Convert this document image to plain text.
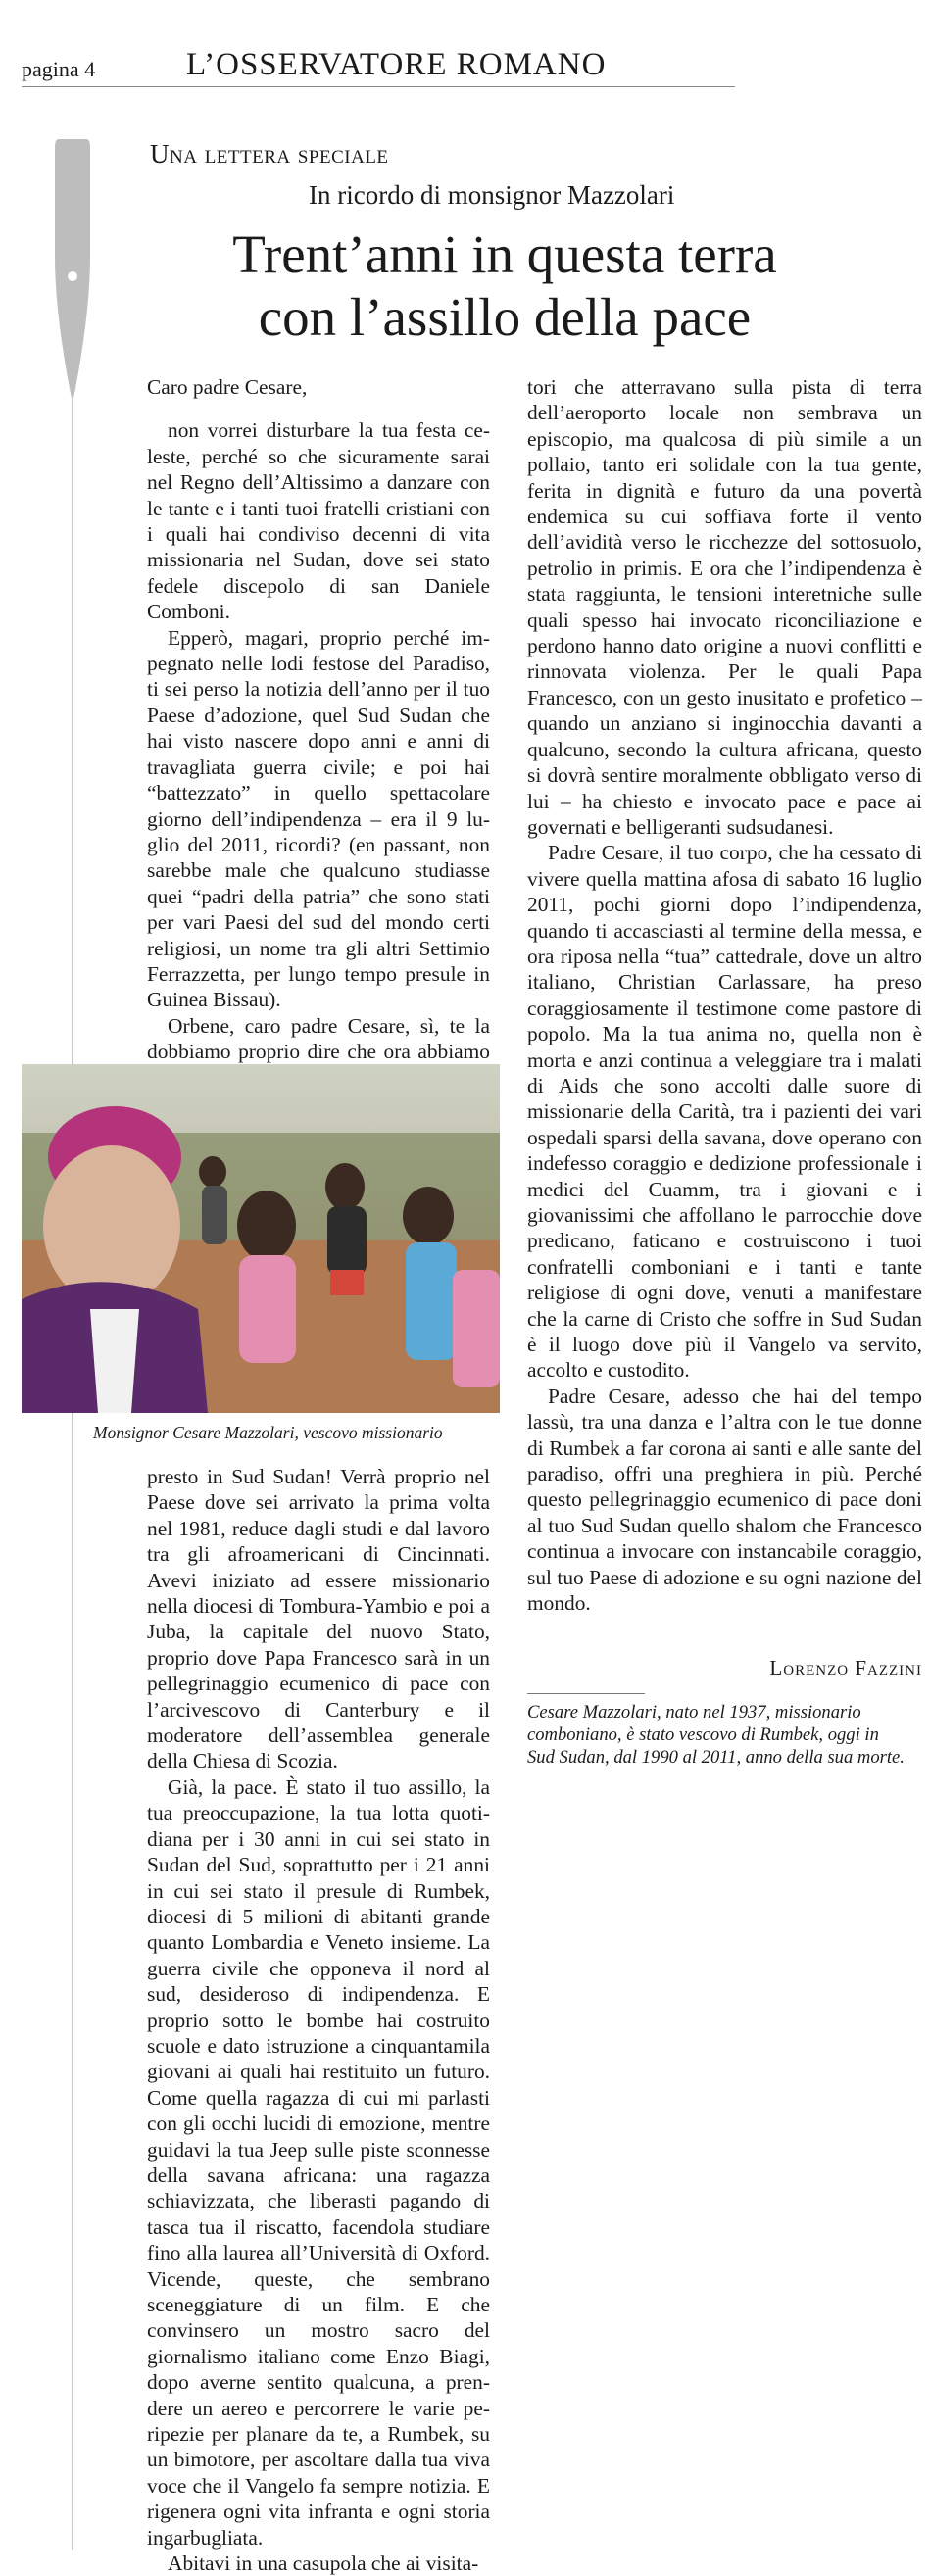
pagina 4	L’OSSERVATORE ROMANO
Una lettera speciale
In ricordo di monsignor Mazzolari
Trent’anni in questa terra
con l’assillo della pace

Caro padre Cesare,

non vorrei disturbare la tua festa celeste, perché so che sicuramente sarai nel Regno dell’Altissimo a danzare con le tante e i tanti tuoi fratelli cristiani con i quali hai condiviso decenni di vita missionaria nel Sudan, dove sei stato fedele discepolo di san Daniele Comboni.

Epperò, magari, proprio perché impegnato nelle lodi festose del Paradiso, ti sei perso la notizia dell’anno per il tuo Paese d’adozione, quel Sud Sudan che hai visto nascere dopo anni e anni di travagliata guerra civile; e poi hai “battezzato” in quello spettacolare giorno dell’indipendenza – era il 9 luglio del 2011, ricordi? (en passant, non sarebbe male che qualcuno studiasse quei “padri della patria” che sono stati per vari Paesi del sud del mondo certi religiosi, un nome tra gli altri Settimio Ferrazzetta, per lungo tempo presule in Guinea Bissau).

Orbene, caro padre Cesare, sì, te la dobbiamo proprio dire che ora abbiamo

Monsignor Cesare Mazzolari, vescovo missionario

presto in Sud Sudan! Verrà proprio nel Paese dove sei arrivato la prima volta nel 1981, reduce dagli studi e dal lavoro tra gli afroamericani di Cincinnati. Avevi iniziato ad essere missionario nella diocesi di Tombura-Yambio e poi a Juba, la capitale del nuovo Stato, proprio dove Papa Francesco sarà in un pellegrinaggio ecumenico di pace con l’arcivescovo di Canterbury e il moderatore dell’assemblea generale della Chiesa di Scozia.

Già, la pace. È stato il tuo assillo, la tua preoccupazione, la tua lotta quotidiana per i 30 anni in cui sei stato in Sudan del Sud, soprattutto per i 21 anni in cui sei stato il presule di Rumbek, diocesi di 5 milioni di abitanti grande quanto Lombardia e Veneto insieme. La guerra civile che opponeva il nord al sud, desideroso di indipendenza. E proprio sotto le bombe hai costruito scuole e dato istruzione a cinquantamila giovani ai quali hai restituito un futuro. Come quella ragazza di cui mi parlasti con gli occhi lucidi di emozione, mentre guidavi la tua Jeep sulle piste sconnesse della savana africana: una ragazza schiavizzata, che liberasti pagando di tasca tua il riscatto, facendola studiare fino alla laurea all’Università di Oxford. Vicende, queste, che sembrano sceneggiature di un film. E che convinsero un mostro sacro del giornalismo italiano come Enzo Biagi, dopo averne sentito qualcuna, a prendere un aereo e percorrere le varie peripezie per planare da te, a Rumbek, su un bimotore, per ascoltare dalla tua viva voce che il Vangelo fa sempre notizia. E rigenera ogni vita infranta e ogni storia ingarbugliata.

Abitavi in una casupola che ai visita-

tori che atterravano sulla pista di terra dell’aeroporto locale non sembrava un episcopio, ma qualcosa di più simile a un pollaio, tanto eri solidale con la tua gente, ferita in dignità e futuro da una povertà endemica su cui soffiava forte il vento dell’avidità verso le ricchezze del sottosuolo, petrolio in primis. E ora che l’indipendenza è stata raggiunta, le tensioni interetniche sulle quali spesso hai invocato riconciliazione e perdono hanno dato origine a nuovi conflitti e rinnovata violenza. Per le quali Papa Francesco, con un gesto inusitato e profetico – quando un anziano si inginocchia davanti a qualcuno, secondo la cultura africana, questo si dovrà sentire moralmente obbligato verso di lui – ha chiesto e invocato pace e pace ai governati e belligeranti sudsudanesi.

Padre Cesare, il tuo corpo, che ha cessato di vivere quella mattina afosa di sabato 16 luglio 2011, pochi giorni dopo l’indipendenza, quando ti accasciasti al termine della messa, e ora riposa nella “tua” cattedrale, dove un altro italiano, Christian Carlassare, ha preso coraggiosamente il testimone come pastore di popolo. Ma la tua anima no, quella non è morta e anzi continua a veleggiare tra i malati di Aids che sono accolti dalle suore di missionarie della Carità, tra i pazienti dei vari ospedali sparsi della savana, dove operano con indefesso coraggio e dedizione professionale i medici del Cuamm, tra i giovani e i giovanissimi che affollano le parrocchie dove predicano, faticano e costruiscono i tuoi confratelli comboniani e i tanti e tante religiose di ogni dove, venuti a manifestare che la carne di Cristo che soffre in Sud Sudan è il luogo dove più il Vangelo va servito, accolto e custodito.

Padre Cesare, adesso che hai del tempo lassù, tra una danza e l’altra con le tue donne di Rumbek a far corona ai santi e alle sante del paradiso, offri una preghiera in più. Perché questo pellegrinaggio ecumenico di pace doni al tuo Sud Sudan quello shalom che Francesco continua a invocare con instancabile coraggio, sul tuo Paese di adozione e su ogni nazione del mondo.

Lorenzo Fazzini
Cesare Mazzolari, nato nel 1937, missionario comboniano, è stato vescovo di Rumbek, oggi in Sud Sudan, dal 1990 al 2011, anno della sua morte.
